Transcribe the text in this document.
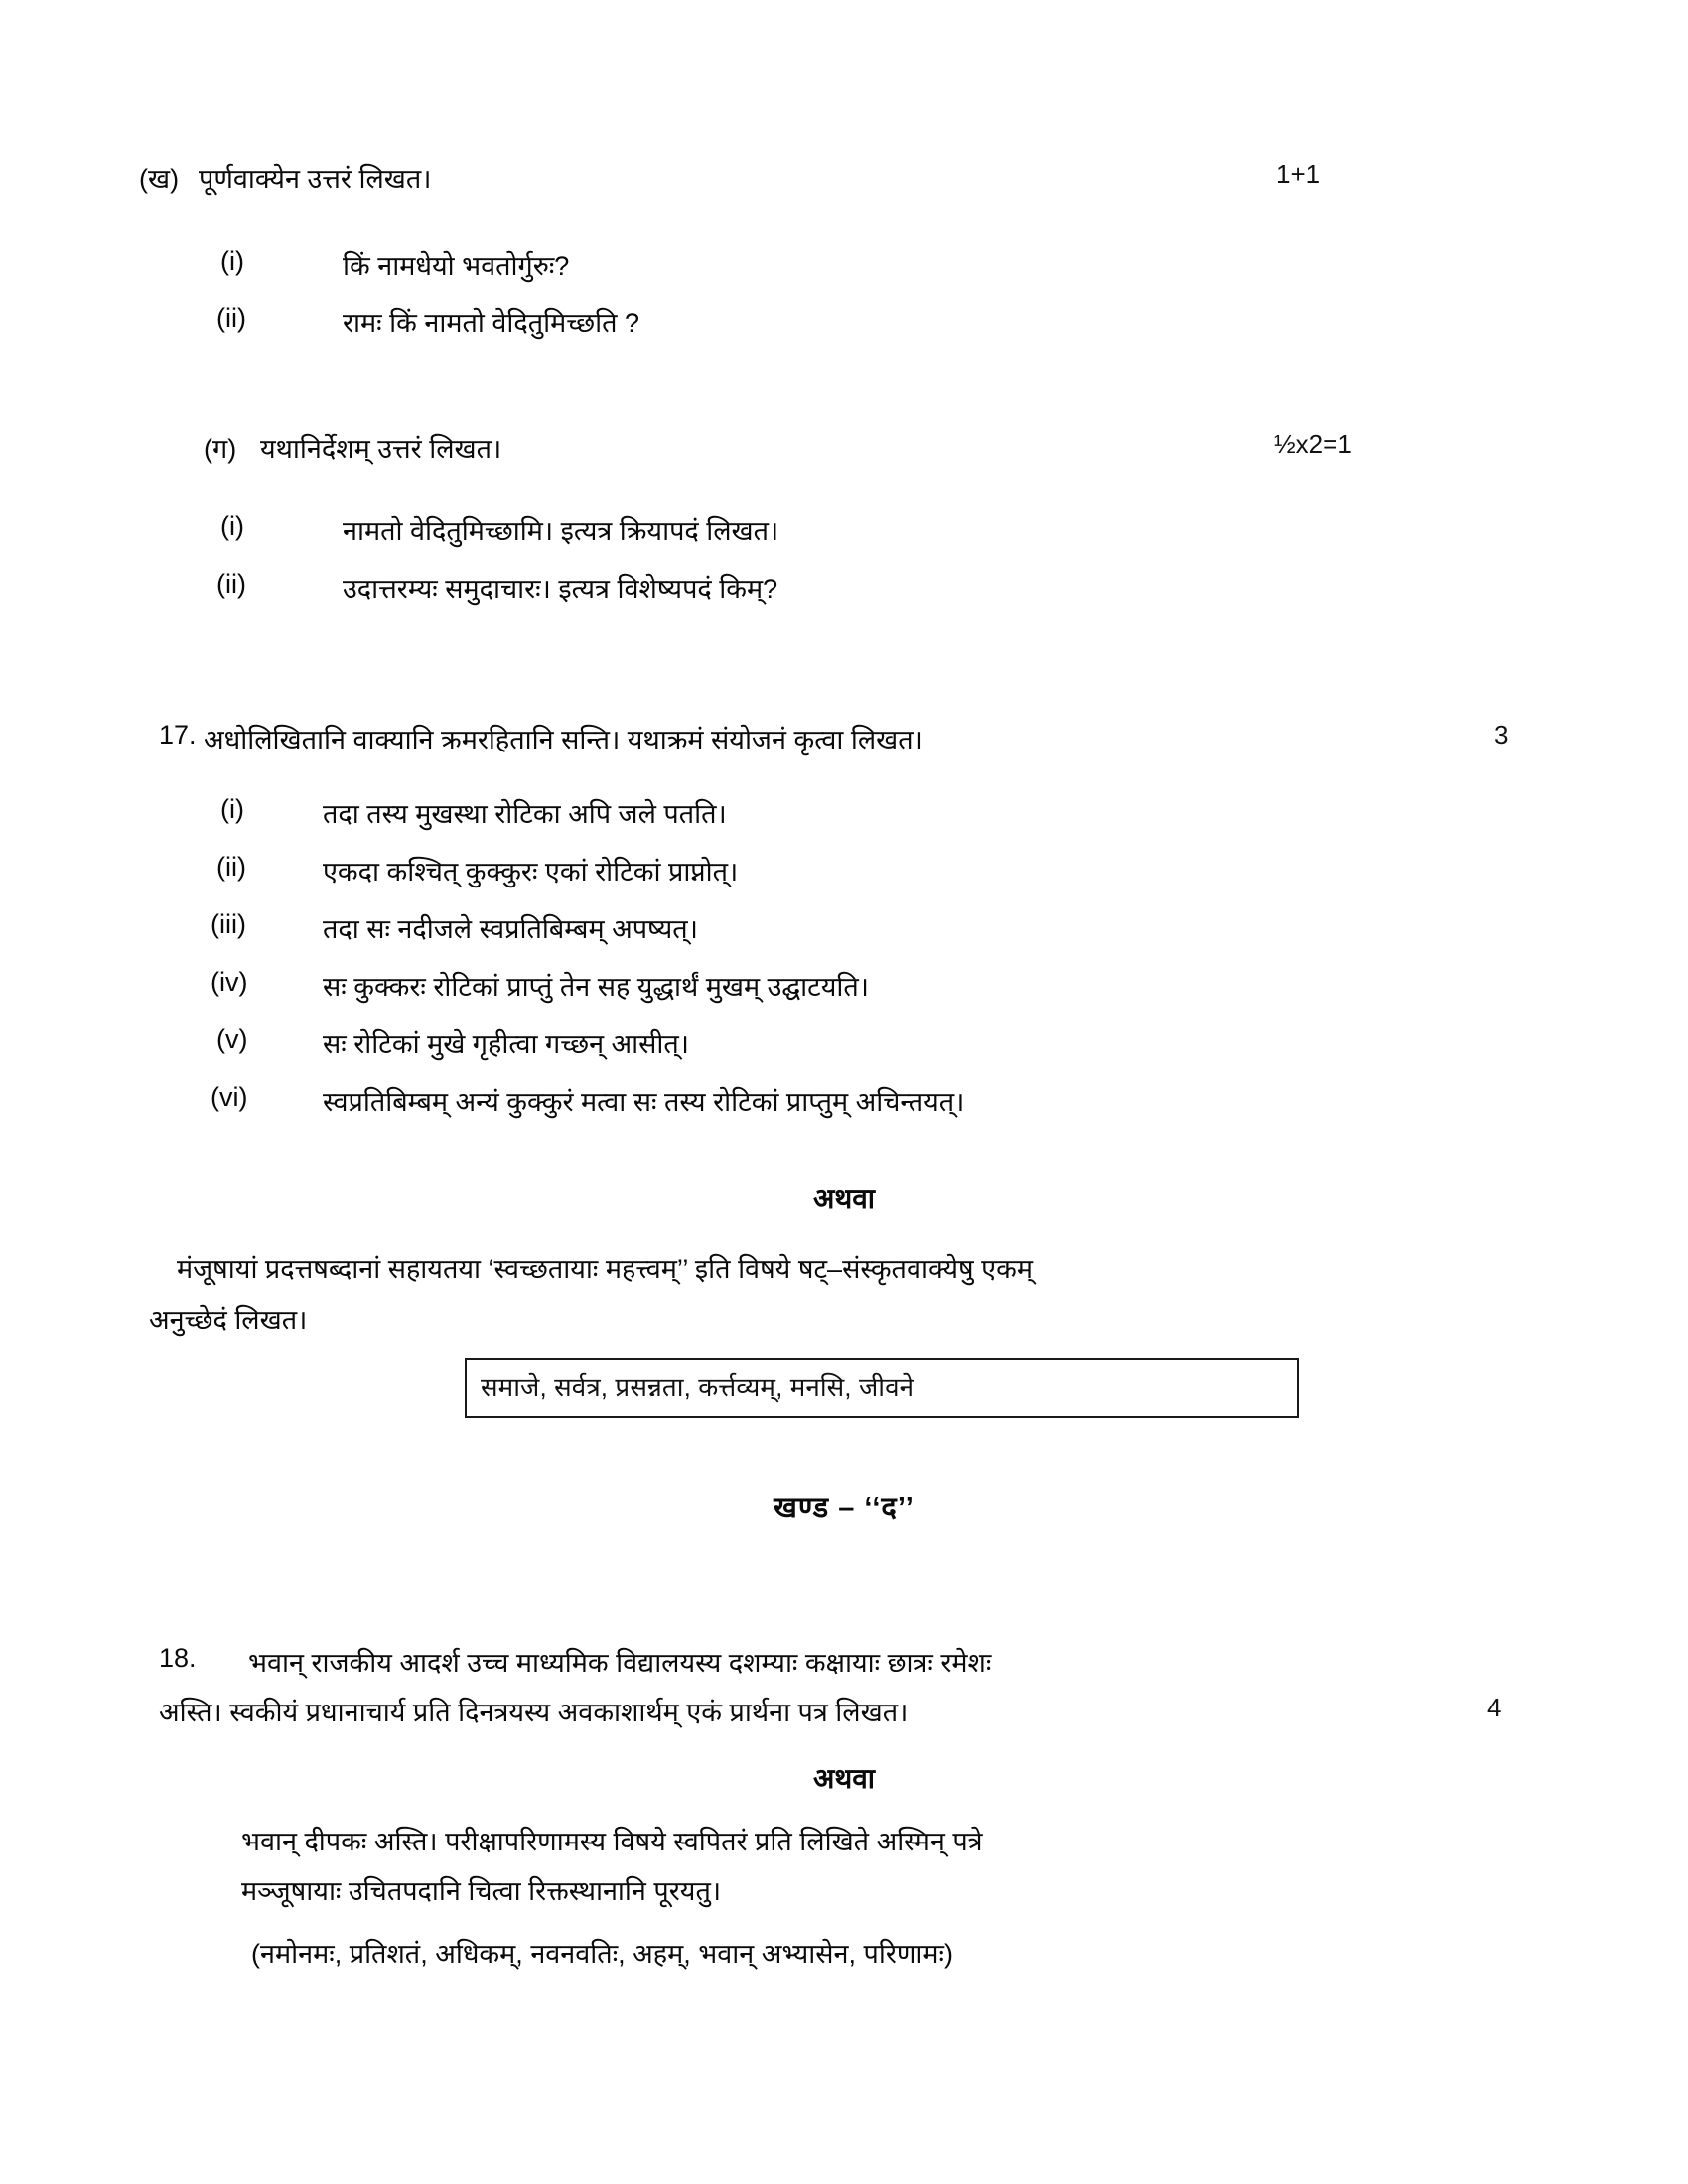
(ख) पूर्णवाक्येन उत्तरं लिखत।	1+1
(i)	किं नामधेयो भवतोर्गुरुः?
(ii)	रामः किं नामतो वेदितुमिच्छति ?
(ग) यथानिर्देशम् उत्तरं लिखत।	½x2=1
(i)	नामतो वेदितुमिच्छामि। इत्यत्र क्रियापदं लिखत।
(ii)	उदात्तरम्यः समुदाचारः। इत्यत्र विशेष्यपदं किम्?
17. अधोलिखितानि वाक्यानि क्रमरहितानि सन्ति। यथाक्रमं संयोजनं कृत्वा लिखत।	3
(i)	तदा तस्य मुखस्था रोटिका अपि जले पतति।
(ii)	एकदा कश्चित् कुक्कुरः एकां रोटिकां प्राप्नोत्।
(iii)	तदा सः नदीजले स्वप्रतिबिम्बम् अपष्यत्।
(iv)	सः कुक्करः रोटिकां प्राप्तुं तेन सह युद्धार्थं मुखम् उद्घाटयति।
(v)	सः रोटिकां मुखे गृहीत्वा गच्छन् आसीत्।
(vi)	स्वप्रतिबिम्बम् अन्यं कुक्कुरं मत्वा सः तस्य रोटिकां प्राप्तुम् अचिन्तयत्।
अथवा
मंजूषायां प्रदत्तषब्दानां सहायतया ‘स्वच्छतायाः महत्त्वम्’’ इति विषये षट्–संस्कृतवाक्येषु एकम्
अनुच्छेदं लिखत।
समाजे, सर्वत्र, प्रसन्नता, कर्त्तव्यम्, मनसि, जीवने
खण्ड – ‘‘द’’
18. भवान् राजकीय आदर्श उच्च माध्यमिक विद्यालयस्य दशम्याः कक्षायाः छात्रः रमेशः
अस्ति। स्वकीयं प्रधानाचार्य प्रति दिनत्रयस्य अवकाशार्थम् एकं प्रार्थना पत्र लिखत।	4
अथवा
भवान् दीपकः अस्ति। परीक्षापरिणामस्य विषये स्वपितरं प्रति लिखिते अस्मिन् पत्रे
मञ्जूषायाः उचितपदानि चित्वा रिक्तस्थानानि पूरयतु।
(नमोनमः, प्रतिशतं, अधिकम्, नवनवतिः, अहम्, भवान् अभ्यासेन, परिणामः)
